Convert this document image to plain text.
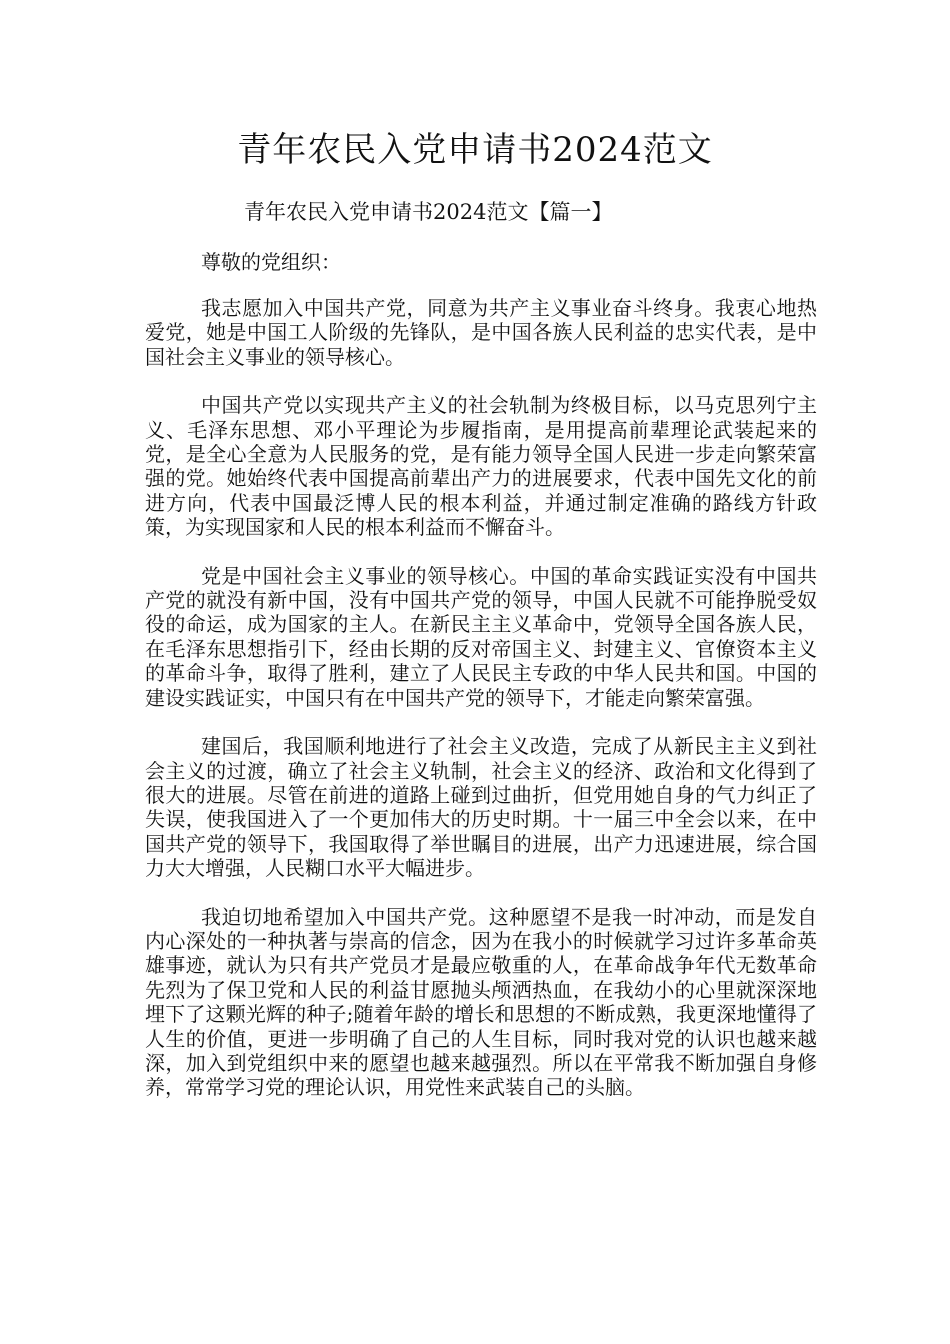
青年农民入党申请书2024范文

青年农民入党申请书2024范文【篇一】

尊敬的党组织：

我志愿加入中国共产党，同意为共产主义事业奋斗终身。我衷心地热爱党，她是中国工人阶级的先锋队，是中国各族人民利益的忠实代表，是中国社会主义事业的领导核心。

中国共产党以实现共产主义的社会轨制为终极目标，以马克思列宁主义、毛泽东思想、邓小平理论为步履指南，是用提高前辈理论武装起来的党，是全心全意为人民服务的党，是有能力领导全国人民进一步走向繁荣富强的党。她始终代表中国提高前辈出产力的进展要求，代表中国先文化的前进方向，代表中国最泛博人民的根本利益，并通过制定准确的路线方针政策，为实现国家和人民的根本利益而不懈奋斗。

党是中国社会主义事业的领导核心。中国的革命实践证实没有中国共产党的就没有新中国，没有中国共产党的领导，中国人民就不可能挣脱受奴役的命运，成为国家的主人。在新民主主义革命中，党领导全国各族人民，在毛泽东思想指引下，经由长期的反对帝国主义、封建主义、官僚资本主义的革命斗争，取得了胜利，建立了人民民主专政的中华人民共和国。中国的建设实践证实，中国只有在中国共产党的领导下，才能走向繁荣富强。

建国后，我国顺利地进行了社会主义改造，完成了从新民主主义到社会主义的过渡，确立了社会主义轨制，社会主义的经济、政治和文化得到了很大的进展。尽管在前进的道路上碰到过曲折，但党用她自身的气力纠正了失误，使我国进入了一个更加伟大的历史时期。十一届三中全会以来，在中国共产党的领导下，我国取得了举世瞩目的进展，出产力迅速进展，综合国力大大增强，人民糊口水平大幅进步。

我迫切地希望加入中国共产党。这种愿望不是我一时冲动，而是发自内心深处的一种执著与崇高的信念，因为在我小的时候就学习过许多革命英雄事迹，就认为只有共产党员才是最应敬重的人，在革命战争年代无数革命先烈为了保卫党和人民的利益甘愿抛头颅洒热血，在我幼小的心里就深深地埋下了这颗光辉的种子;随着年龄的增长和思想的不断成熟，我更深地懂得了人生的价值，更进一步明确了自己的人生目标，同时我对党的认识也越来越深，加入到党组织中来的愿望也越来越强烈。所以在平常我不断加强自身修养，常常学习党的理论认识，用党性来武装自己的头脑。
